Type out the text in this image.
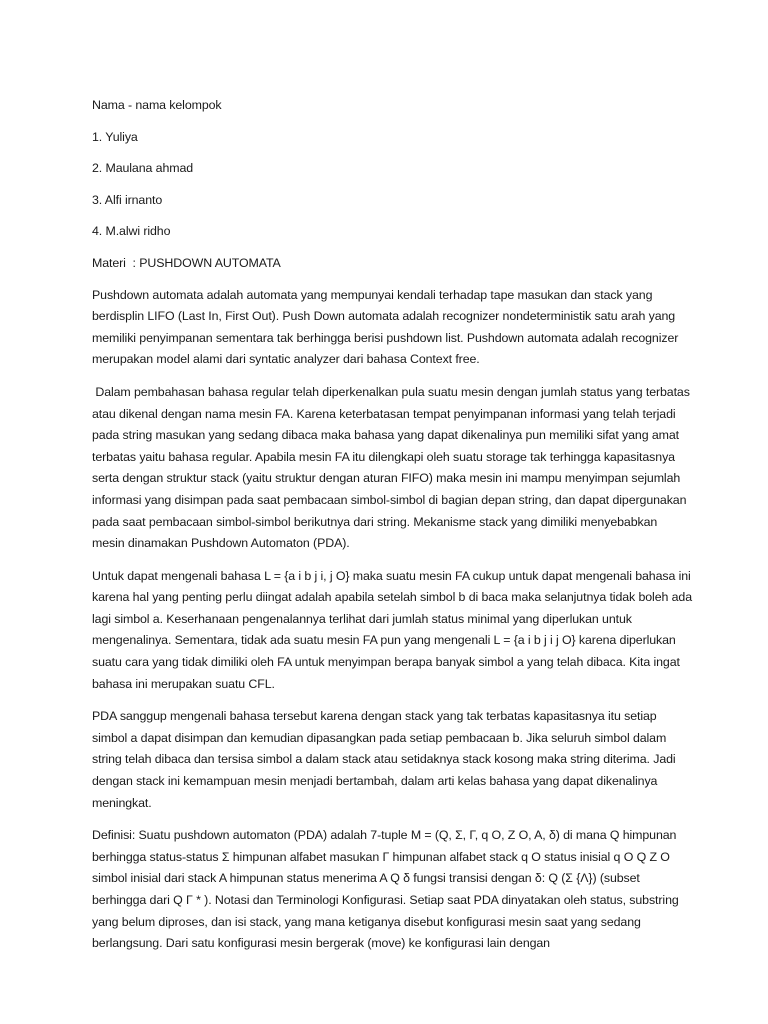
Nama - nama kelompok

1. Yuliya

2. Maulana ahmad

3. Alfi irnanto

4. M.alwi ridho

Materi  : PUSHDOWN AUTOMATA

Pushdown automata adalah automata yang mempunyai kendali terhadap tape masukan dan stack yang berdisplin LIFO (Last In, First Out). Push Down automata adalah recognizer nondeterministik satu arah yang memiliki penyimpanan sementara tak berhingga berisi pushdown list. Pushdown automata adalah recognizer merupakan model alami dari syntatic analyzer dari bahasa Context free.

Dalam pembahasan bahasa regular telah diperkenalkan pula suatu mesin dengan jumlah status yang terbatas atau dikenal dengan nama mesin FA. Karena keterbatasan tempat penyimpanan informasi yang telah terjadi pada string masukan yang sedang dibaca maka bahasa yang dapat dikenalinya pun memiliki sifat yang amat terbatas yaitu bahasa regular. Apabila mesin FA itu dilengkapi oleh suatu storage tak terhingga kapasitasnya serta dengan struktur stack (yaitu struktur dengan aturan FIFO) maka mesin ini mampu menyimpan sejumlah informasi yang disimpan pada saat pembacaan simbol-simbol di bagian depan string, dan dapat dipergunakan pada saat pembacaan simbol-simbol berikutnya dari string. Mekanisme stack yang dimiliki menyebabkan mesin dinamakan Pushdown Automaton (PDA).

Untuk dapat mengenali bahasa L = {a i b j i, j O} maka suatu mesin FA cukup untuk dapat mengenali bahasa ini karena hal yang penting perlu diingat adalah apabila setelah simbol b di baca maka selanjutnya tidak boleh ada lagi simbol a. Keserhanaan pengenalannya terlihat dari jumlah status minimal yang diperlukan untuk mengenalinya. Sementara, tidak ada suatu mesin FA pun yang mengenali L = {a i b j i j O} karena diperlukan suatu cara yang tidak dimiliki oleh FA untuk menyimpan berapa banyak simbol a yang telah dibaca. Kita ingat bahasa ini merupakan suatu CFL.

PDA sanggup mengenali bahasa tersebut karena dengan stack yang tak terbatas kapasitasnya itu setiap simbol a dapat disimpan dan kemudian dipasangkan pada setiap pembacaan b. Jika seluruh simbol dalam string telah dibaca dan tersisa simbol a dalam stack atau setidaknya stack kosong maka string diterima. Jadi dengan stack ini kemampuan mesin menjadi bertambah, dalam arti kelas bahasa yang dapat dikenalinya meningkat.

Definisi: Suatu pushdown automaton (PDA) adalah 7-tuple M = (Q, Σ, Γ, q O, Z O, A, δ) di mana Q himpunan berhingga status-status Σ himpunan alfabet masukan Γ himpunan alfabet stack q O status inisial q O Q Z O simbol inisial dari stack A himpunan status menerima A Q δ fungsi transisi dengan δ: Q (Σ {Λ}) (subset berhingga dari Q Γ * ). Notasi dan Terminologi Konfigurasi. Setiap saat PDA dinyatakan oleh status, substring yang belum diproses, dan isi stack, yang mana ketiganya disebut konfigurasi mesin saat yang sedang berlangsung. Dari satu konfigurasi mesin bergerak (move) ke konfigurasi lain dengan
